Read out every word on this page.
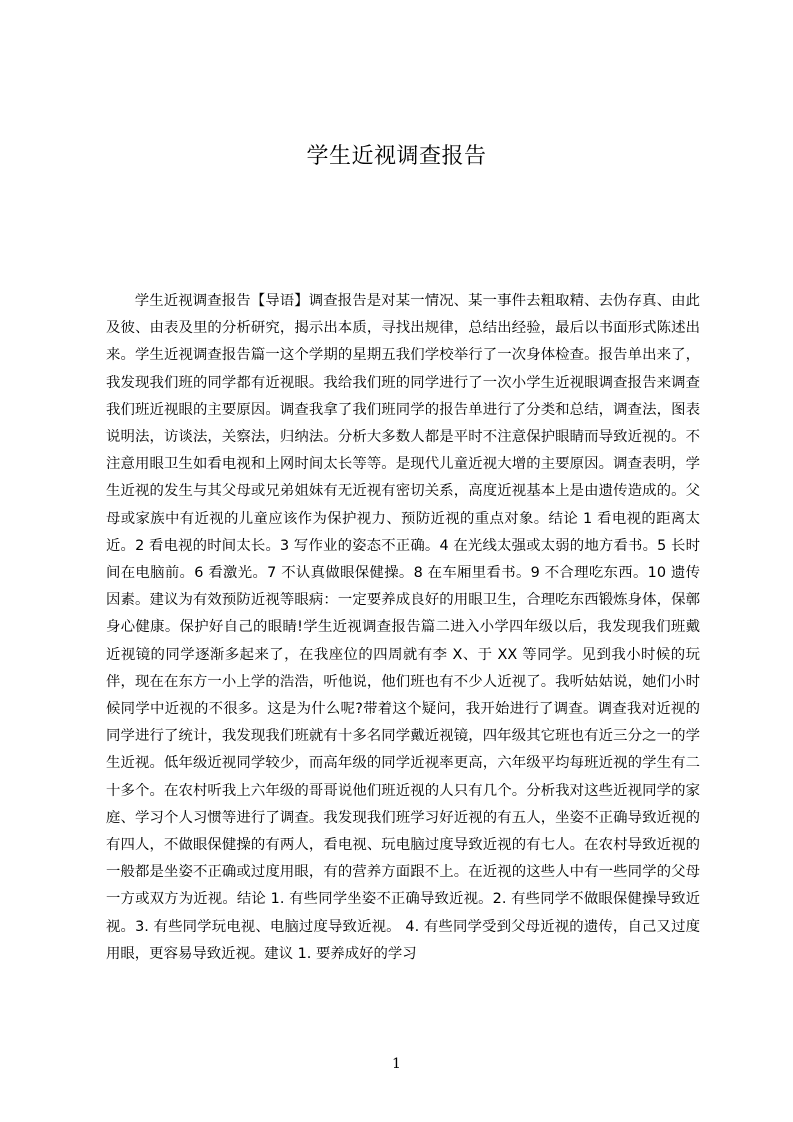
学生近视调查报告

学生近视调查报告【导语】调查报告是对某一情况、某一事件去粗取精、去伪存真、由此及彼、由表及里的分析研究，揭示出本质，寻找出规律，总结出经验，最后以书面形式陈述出来。学生近视调查报告篇一这个学期的星期五我们学校举行了一次身体检查。报告单出来了，我发现我们班的同学都有近视眼。我给我们班的同学进行了一次小学生近视眼调查报告来调查我们班近视眼的主要原因。调查我拿了我们班同学的报告单进行了分类和总结，调查法，图表说明法，访谈法，关察法，归纳法。分析大多数人都是平时不注意保护眼睛而导致近视的。不注意用眼卫生如看电视和上网时间太长等等。是现代儿童近视大增的主要原因。调查表明，学生近视的发生与其父母或兄弟姐妹有无近视有密切关系，高度近视基本上是由遗传造成的。父母或家族中有近视的儿童应该作为保护视力、预防近视的重点对象。结论 1 看电视的距离太近。2 看电视的时间太长。3 写作业的姿态不正确。4 在光线太强或太弱的地方看书。5 长时间在电脑前。6 看激光。7 不认真做眼保健操。8 在车厢里看书。9 不合理吃东西。10 遗传因素。建议为有效预防近视等眼病：一定要养成良好的用眼卫生，合理吃东西锻炼身体，保鄣身心健康。保护好自己的眼睛!学生近视调查报告篇二进入小学四年级以后，我发现我们班戴近视镜的同学逐渐多起来了，在我座位的四周就有李 X、于 XX 等同学。见到我小时候的玩伴，现在在东方一小上学的浩浩，听他说，他们班也有不少人近视了。我听姑姑说，她们小时候同学中近视的不很多。这是为什么呢?带着这个疑问，我开始进行了调查。调查我对近视的同学进行了统计，我发现我们班就有十多名同学戴近视镜，四年级其它班也有近三分之一的学生近视。低年级近视同学较少，而高年级的同学近视率更高，六年级平均每班近视的学生有二十多个。在农村听我上六年级的哥哥说他们班近视的人只有几个。分析我对这些近视同学的家庭、学习个人习惯等进行了调查。我发现我们班学习好近视的有五人，坐姿不正确导致近视的有四人，不做眼保健操的有两人，看电视、玩电脑过度导致近视的有七人。在农村导致近视的一般都是坐姿不正确或过度用眼，有的营养方面跟不上。在近视的这些人中有一些同学的父母一方或双方为近视。结论 1. 有些同学坐姿不正确导致近视。2. 有些同学不做眼保健操导致近视。3. 有些同学玩电视、电脑过度导致近视。 4. 有些同学受到父母近视的遗传，自己又过度用眼，更容易导致近视。建议 1. 要养成好的学习

1
